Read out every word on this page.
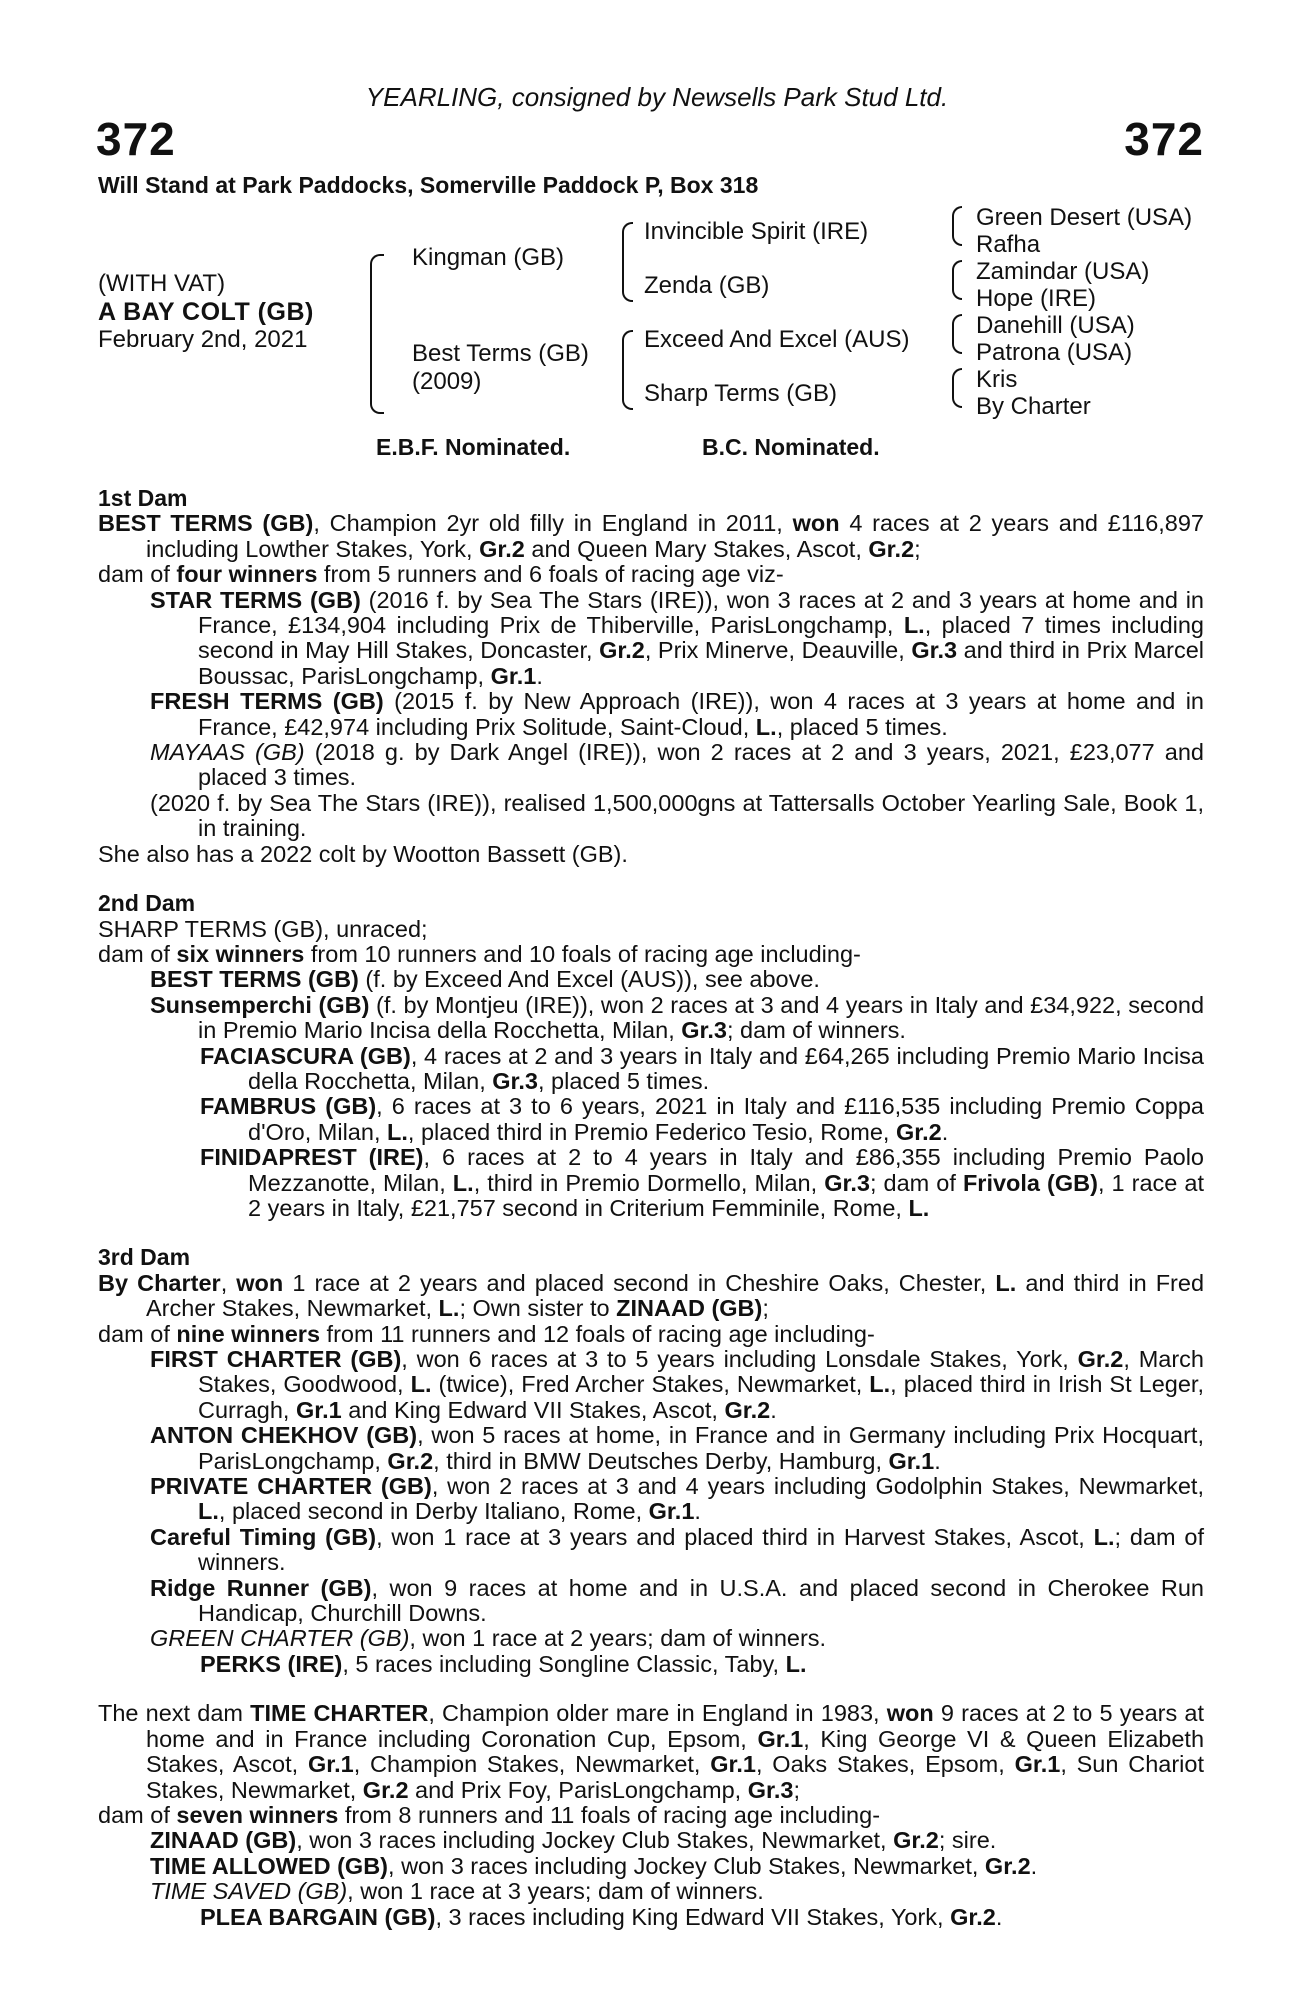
YEARLING, consigned by Newsells Park Stud Ltd.
372	372
Will Stand at Park Paddocks, Somerville Paddock P, Box 318
(WITH VAT)
A BAY COLT (GB)
February 2nd, 2021
Kingman (GB)
Best Terms (GB)
(2009)
Invincible Spirit (IRE)
Zenda (GB)
Exceed And Excel (AUS)
Sharp Terms (GB)
Green Desert (USA)
Rafha
Zamindar (USA)
Hope (IRE)
Danehill (USA)
Patrona (USA)
Kris
By Charter
E.B.F. Nominated.	B.C. Nominated.
1st Dam

BEST TERMS (GB), Champion 2yr old filly in England in 2011, won 4 races at 2 years and £116,897 including Lowther Stakes, York, Gr.2 and Queen Mary Stakes, Ascot, Gr.2;

dam of four winners from 5 runners and 6 foals of racing age viz-

STAR TERMS (GB) (2016 f. by Sea The Stars (IRE)), won 3 races at 2 and 3 years at home and in France, £134,904 including Prix de Thiberville, ParisLongchamp, L., placed 7 times including second in May Hill Stakes, Doncaster, Gr.2, Prix Minerve, Deauville, Gr.3 and third in Prix Marcel Boussac, ParisLongchamp, Gr.1.

FRESH TERMS (GB) (2015 f. by New Approach (IRE)), won 4 races at 3 years at home and in France, £42,974 including Prix Solitude, Saint-Cloud, L., placed 5 times.

MAYAAS (GB) (2018 g. by Dark Angel (IRE)), won 2 races at 2 and 3 years, 2021, £23,077 and placed 3 times.

(2020 f. by Sea The Stars (IRE)), realised 1,500,000gns at Tattersalls October Yearling Sale, Book 1, in training.

She also has a 2022 colt by Wootton Bassett (GB).

2nd Dam

SHARP TERMS (GB), unraced;

dam of six winners from 10 runners and 10 foals of racing age including-

BEST TERMS (GB) (f. by Exceed And Excel (AUS)), see above.

Sunsemperchi (GB) (f. by Montjeu (IRE)), won 2 races at 3 and 4 years in Italy and £34,922, second in Premio Mario Incisa della Rocchetta, Milan, Gr.3; dam of winners.

FACIASCURA (GB), 4 races at 2 and 3 years in Italy and £64,265 including Premio Mario Incisa della Rocchetta, Milan, Gr.3, placed 5 times.

FAMBRUS (GB), 6 races at 3 to 6 years, 2021 in Italy and £116,535 including Premio Coppa d'Oro, Milan, L., placed third in Premio Federico Tesio, Rome, Gr.2.

FINIDAPREST (IRE), 6 races at 2 to 4 years in Italy and £86,355 including Premio Paolo Mezzanotte, Milan, L., third in Premio Dormello, Milan, Gr.3; dam of Frivola (GB), 1 race at 2 years in Italy, £21,757 second in Criterium Femminile, Rome, L.

3rd Dam

By Charter, won 1 race at 2 years and placed second in Cheshire Oaks, Chester, L. and third in Fred Archer Stakes, Newmarket, L.; Own sister to ZINAAD (GB);

dam of nine winners from 11 runners and 12 foals of racing age including-

FIRST CHARTER (GB), won 6 races at 3 to 5 years including Lonsdale Stakes, York, Gr.2, March Stakes, Goodwood, L. (twice), Fred Archer Stakes, Newmarket, L., placed third in Irish St Leger, Curragh, Gr.1 and King Edward VII Stakes, Ascot, Gr.2.

ANTON CHEKHOV (GB), won 5 races at home, in France and in Germany including Prix Hocquart, ParisLongchamp, Gr.2, third in BMW Deutsches Derby, Hamburg, Gr.1.

PRIVATE CHARTER (GB), won 2 races at 3 and 4 years including Godolphin Stakes, Newmarket, L., placed second in Derby Italiano, Rome, Gr.1.

Careful Timing (GB), won 1 race at 3 years and placed third in Harvest Stakes, Ascot, L.; dam of winners.

Ridge Runner (GB), won 9 races at home and in U.S.A. and placed second in Cherokee Run Handicap, Churchill Downs.

GREEN CHARTER (GB), won 1 race at 2 years; dam of winners.

PERKS (IRE), 5 races including Songline Classic, Taby, L.

The next dam TIME CHARTER, Champion older mare in England in 1983, won 9 races at 2 to 5 years at home and in France including Coronation Cup, Epsom, Gr.1, King George VI & Queen Elizabeth Stakes, Ascot, Gr.1, Champion Stakes, Newmarket, Gr.1, Oaks Stakes, Epsom, Gr.1, Sun Chariot Stakes, Newmarket, Gr.2 and Prix Foy, ParisLongchamp, Gr.3;

dam of seven winners from 8 runners and 11 foals of racing age including-

ZINAAD (GB), won 3 races including Jockey Club Stakes, Newmarket, Gr.2; sire.

TIME ALLOWED (GB), won 3 races including Jockey Club Stakes, Newmarket, Gr.2.

TIME SAVED (GB), won 1 race at 3 years; dam of winners.

PLEA BARGAIN (GB), 3 races including King Edward VII Stakes, York, Gr.2.
